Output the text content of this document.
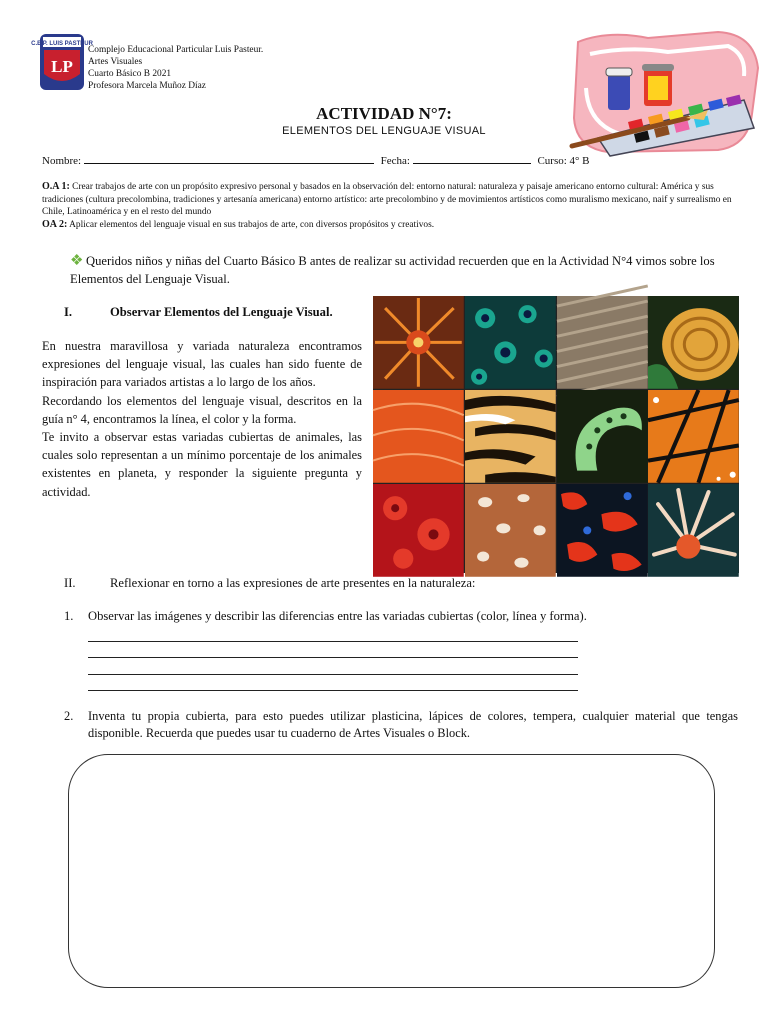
C.E.P. LUIS PASTEUR
LP
Complejo Educacional Particular Luis Pasteur.
Artes Visuales
Cuarto Básico B 2021
Profesora Marcela Muñoz Díaz
ACTIVIDAD N°7:
ELEMENTOS DEL LENGUAJE VISUAL
Nombre:	Fecha:	Curso: 4° B
O.A 1: Crear trabajos de arte con un propósito expresivo personal y basados en la observación del: entorno natural: naturaleza y paisaje americano entorno cultural: América y sus tradiciones (cultura precolombina, tradiciones y artesanía americana) entorno artístico: arte precolombino y de movimientos artísticos como muralismo mexicano, naif y surrealismo en Chile, Latinoamérica y en el resto del mundo
OA 2: Aplicar elementos del lenguaje visual en sus trabajos de arte, con diversos propósitos y creativos.
❖ Queridos niños y niñas del Cuarto Básico B antes de realizar su actividad recuerden que en la Actividad N°4 vimos sobre los Elementos del Lenguaje Visual.
I.	Observar Elementos del Lenguaje Visual.

En nuestra maravillosa y variada naturaleza encontramos expresiones del lenguaje visual, las cuales han sido fuente de inspiración para variados artistas a lo largo de los años.

Recordando los elementos del lenguaje visual, descritos en la guía n° 4, encontramos la línea, el color y la forma.

Te invito a observar estas variadas cubiertas de animales, las cuales solo representan a un mínimo porcentaje de los animales existentes en planeta, y responder la siguiente pregunta y actividad.

II.	Reflexionar en torno a las expresiones de arte presentes en la naturaleza:
1. Observar las imágenes y describir las diferencias entre las variadas cubiertas (color, línea y forma).
2. Inventa tu propia cubierta, para esto puedes utilizar plasticina, lápices de colores, tempera, cualquier material que tengas disponible. Recuerda que puedes usar tu cuaderno de Artes Visuales o Block.
